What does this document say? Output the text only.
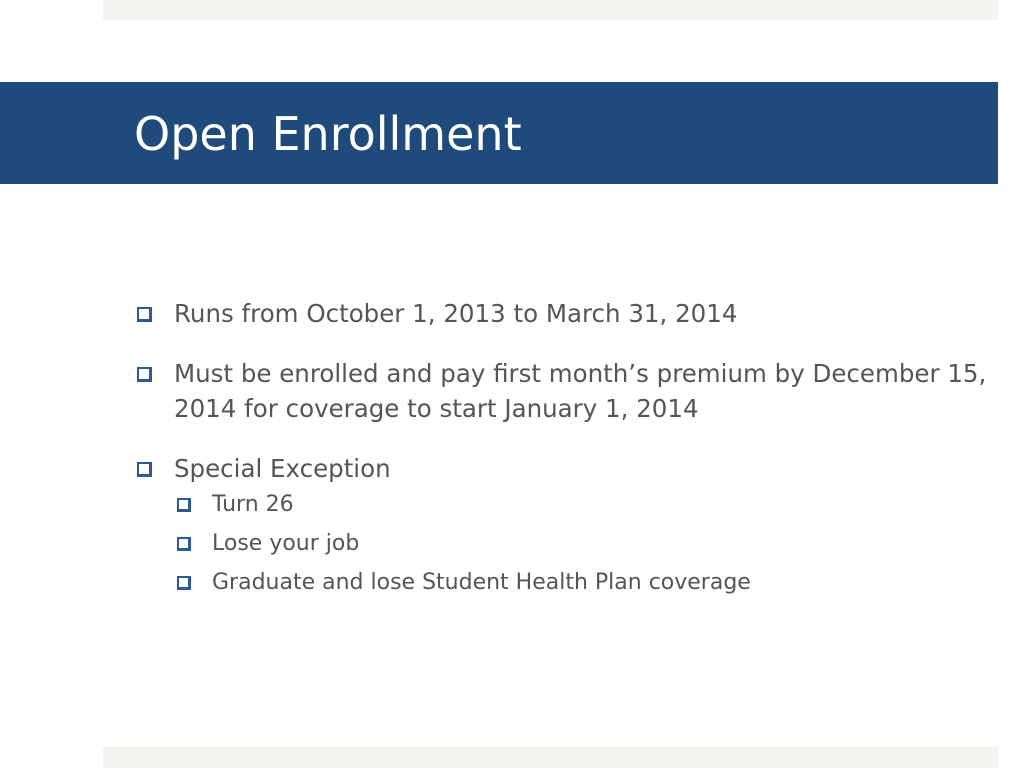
Open Enrollment
Runs from October 1, 2013 to March 31, 2014
Must be enrolled and pay first month’s premium by December 15, 2014 for coverage to start January 1, 2014
Special Exception
Turn 26
Lose your job
Graduate and lose Student Health Plan coverage
